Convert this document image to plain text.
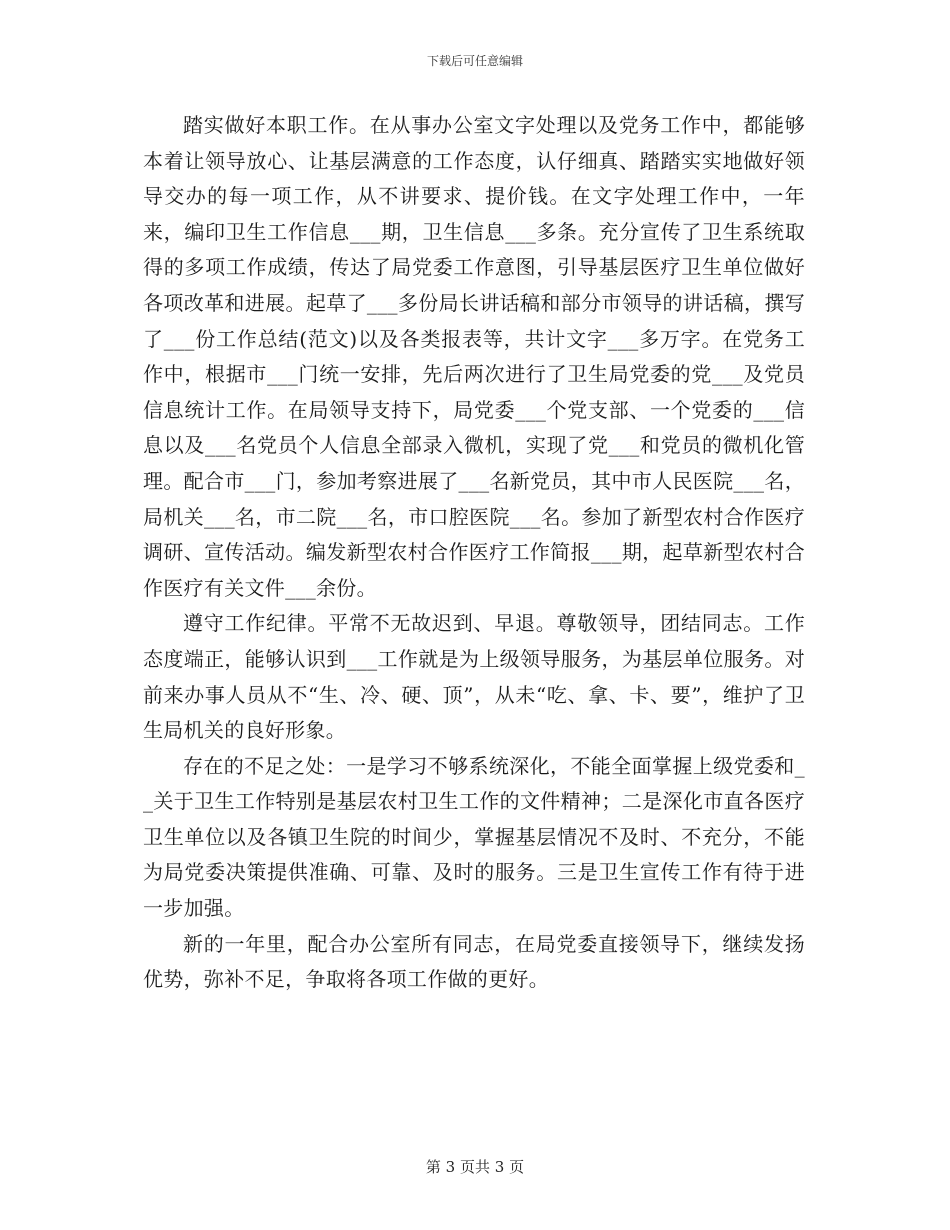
下载后可任意编辑

踏实做好本职工作。在从事办公室文字处理以及党务工作中，都能够本着让领导放心、让基层满意的工作态度，认仔细真、踏踏实实地做好领导交办的每一项工作，从不讲要求、提价钱。在文字处理工作中，一年来，编印卫生工作信息___期，卫生信息___多条。充分宣传了卫生系统取得的多项工作成绩，传达了局党委工作意图，引导基层医疗卫生单位做好各项改革和进展。起草了___多份局长讲话稿和部分市领导的讲话稿，撰写了___份工作总结(范文)以及各类报表等，共计文字___多万字。在党务工作中，根据市___门统一安排，先后两次进行了卫生局党委的党___及党员信息统计工作。在局领导支持下，局党委___个党支部、一个党委的___信息以及___名党员个人信息全部录入微机，实现了党___和党员的微机化管理。配合市___门，参加考察进展了___名新党员，其中市人民医院___名，局机关___名，市二院___名，市口腔医院___名。参加了新型农村合作医疗调研、宣传活动。编发新型农村合作医疗工作简报___期，起草新型农村合作医疗有关文件___余份。

遵守工作纪律。平常不无故迟到、早退。尊敬领导，团结同志。工作态度端正，能够认识到___工作就是为上级领导服务，为基层单位服务。对前来办事人员从不“生、冷、硬、顶”，从未“吃、拿、卡、要”，维护了卫生局机关的良好形象。

存在的不足之处：一是学习不够系统深化，不能全面掌握上级党委和__关于卫生工作特别是基层农村卫生工作的文件精神；二是深化市直各医疗卫生单位以及各镇卫生院的时间少，掌握基层情况不及时、不充分，不能为局党委决策提供准确、可靠、及时的服务。三是卫生宣传工作有待于进一步加强。

新的一年里，配合办公室所有同志，在局党委直接领导下，继续发扬优势，弥补不足，争取将各项工作做的更好。

第 3 页共 3 页
